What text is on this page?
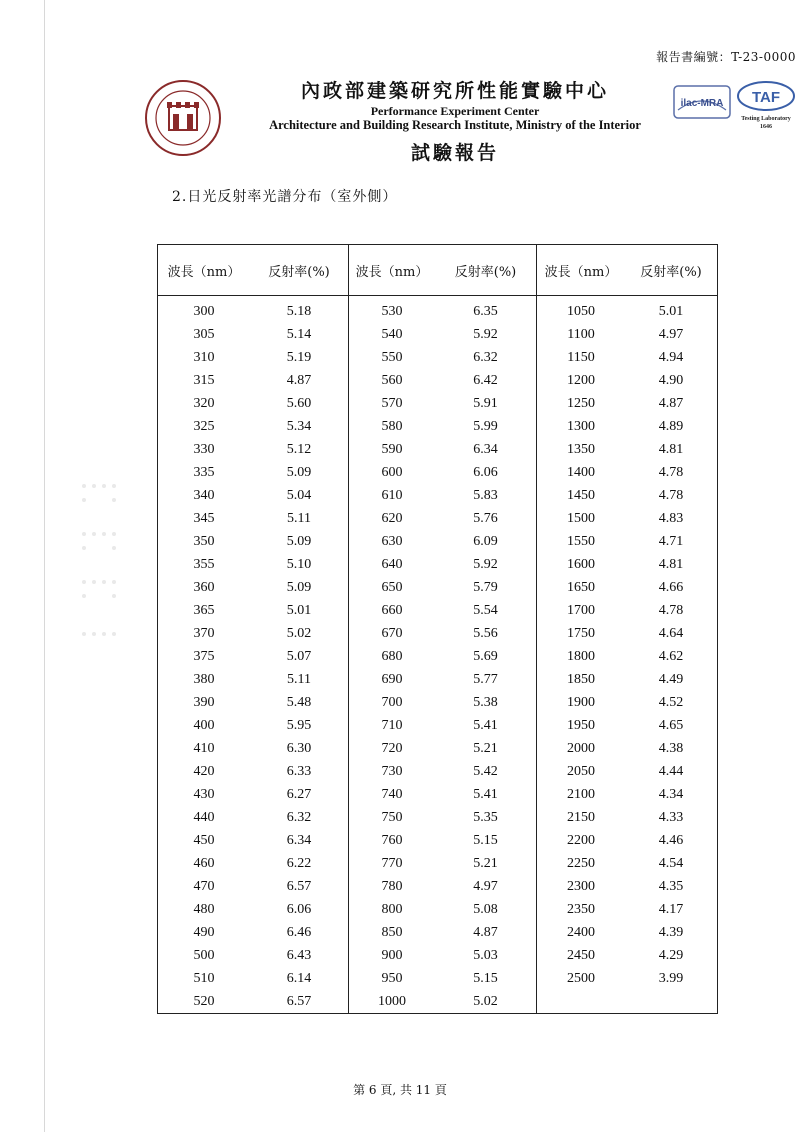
報告書編號：T-23-0000
內政部建築研究所性能實驗中心
Performance Experiment Center
Architecture and Building Research Institute, Ministry of the Interior
試驗報告
ilac-MRA TAF
Testing Laboratory
1646
2.日光反射率光譜分布（室外側）
波長（nm）	反射率(%)	波長（nm）	反射率(%)	波長（nm）	反射率(%)
300	5.18	530	6.35	1050	5.01
305	5.14	540	5.92	1100	4.97
310	5.19	550	6.32	1150	4.94
315	4.87	560	6.42	1200	4.90
320	5.60	570	5.91	1250	4.87
325	5.34	580	5.99	1300	4.89
330	5.12	590	6.34	1350	4.81
335	5.09	600	6.06	1400	4.78
340	5.04	610	5.83	1450	4.78
345	5.11	620	5.76	1500	4.83
350	5.09	630	6.09	1550	4.71
355	5.10	640	5.92	1600	4.81
360	5.09	650	5.79	1650	4.66
365	5.01	660	5.54	1700	4.78
370	5.02	670	5.56	1750	4.64
375	5.07	680	5.69	1800	4.62
380	5.11	690	5.77	1850	4.49
390	5.48	700	5.38	1900	4.52
400	5.95	710	5.41	1950	4.65
410	6.30	720	5.21	2000	4.38
420	6.33	730	5.42	2050	4.44
430	6.27	740	5.41	2100	4.34
440	6.32	750	5.35	2150	4.33
450	6.34	760	5.15	2200	4.46
460	6.22	770	5.21	2250	4.54
470	6.57	780	4.97	2300	4.35
480	6.06	800	5.08	2350	4.17
490	6.46	850	4.87	2400	4.39
500	6.43	900	5.03	2450	4.29
510	6.14	950	5.15	2500	3.99
520	6.57	1000	5.02		
第 6 頁, 共 11 頁
